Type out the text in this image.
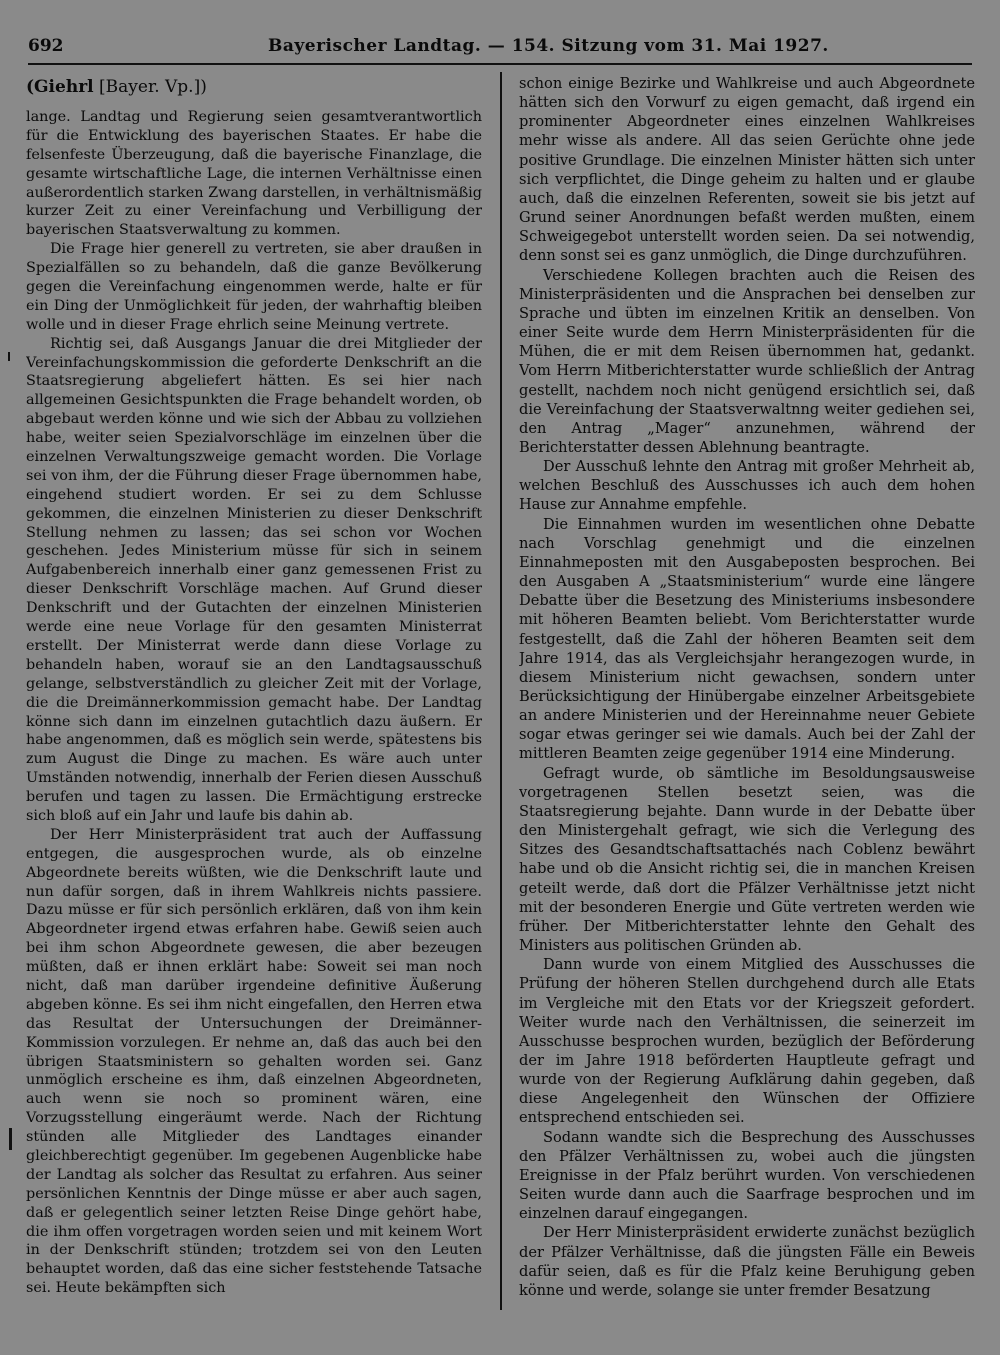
692	Bayerischer Landtag. — 154. Sitzung vom 31. Mai 1927.
(Giehrl [Bayer. Vp.])

lange. Landtag und Regierung seien gesamtverantwortlich für die Entwicklung des bayerischen Staates. Er habe die felsenfeste Überzeugung, daß die bayerische Finanzlage, die gesamte wirtschaftliche Lage, die internen Verhältnisse einen außerordentlich starken Zwang darstellen, in verhältnismäßig kurzer Zeit zu einer Vereinfachung und Verbilligung der bayerischen Staatsverwaltung zu kommen.

Die Frage hier generell zu vertreten, sie aber draußen in Spezialfällen so zu behandeln, daß die ganze Bevölkerung gegen die Vereinfachung eingenommen werde, halte er für ein Ding der Unmöglichkeit für jeden, der wahrhaftig bleiben wolle und in dieser Frage ehrlich seine Meinung vertrete.

Richtig sei, daß Ausgangs Januar die drei Mitglieder der Vereinfachungskommission die geforderte Denkschrift an die Staatsregierung abgeliefert hätten. Es sei hier nach allgemeinen Gesichtspunkten die Frage behandelt worden, ob abgebaut werden könne und wie sich der Abbau zu vollziehen habe, weiter seien Spezialvorschläge im einzelnen über die einzelnen Verwaltungszweige gemacht worden. Die Vorlage sei von ihm, der die Führung dieser Frage übernommen habe, eingehend studiert worden. Er sei zu dem Schlusse gekommen, die einzelnen Ministerien zu dieser Denkschrift Stellung nehmen zu lassen; das sei schon vor Wochen geschehen. Jedes Ministerium müsse für sich in seinem Aufgabenbereich innerhalb einer ganz gemessenen Frist zu dieser Denkschrift Vorschläge machen. Auf Grund dieser Denkschrift und der Gutachten der einzelnen Ministerien werde eine neue Vorlage für den gesamten Ministerrat erstellt. Der Ministerrat werde dann diese Vorlage zu behandeln haben, worauf sie an den Landtagsausschuß gelange, selbstverständlich zu gleicher Zeit mit der Vorlage, die die Dreimännerkommission gemacht habe. Der Landtag könne sich dann im einzelnen gutachtlich dazu äußern. Er habe angenommen, daß es möglich sein werde, spätestens bis zum August die Dinge zu machen. Es wäre auch unter Umständen notwendig, innerhalb der Ferien diesen Ausschuß berufen und tagen zu lassen. Die Ermächtigung erstrecke sich bloß auf ein Jahr und laufe bis dahin ab.

Der Herr Ministerpräsident trat auch der Auffassung entgegen, die ausgesprochen wurde, als ob einzelne Abgeordnete bereits wüßten, wie die Denkschrift laute und nun dafür sorgen, daß in ihrem Wahlkreis nichts passiere. Dazu müsse er für sich persönlich erklären, daß von ihm kein Abgeordneter irgend etwas erfahren habe. Gewiß seien auch bei ihm schon Abgeordnete gewesen, die aber bezeugen müßten, daß er ihnen erklärt habe: Soweit sei man noch nicht, daß man darüber irgendeine definitive Äußerung abgeben könne. Es sei ihm nicht eingefallen, den Herren etwa das Resultat der Untersuchungen der Dreimänner-Kommission vorzulegen. Er nehme an, daß das auch bei den übrigen Staatsministern so gehalten worden sei. Ganz unmöglich erscheine es ihm, daß einzelnen Abgeordneten, auch wenn sie noch so prominent wären, eine Vorzugsstellung eingeräumt werde. Nach der Richtung stünden alle Mitglieder des Landtages einander gleichberechtigt gegenüber. Im gegebenen Augenblicke habe der Landtag als solcher das Resultat zu erfahren. Aus seiner persönlichen Kenntnis der Dinge müsse er aber auch sagen, daß er gelegentlich seiner letzten Reise Dinge gehört habe, die ihm offen vorgetragen worden seien und mit keinem Wort in der Denkschrift stünden; trotzdem sei von den Leuten behauptet worden, daß das eine sicher feststehende Tatsache sei. Heute bekämpften sich

schon einige Bezirke und Wahlkreise und auch Abgeordnete hätten sich den Vorwurf zu eigen gemacht, daß irgend ein prominenter Abgeordneter eines einzelnen Wahlkreises mehr wisse als andere. All das seien Gerüchte ohne jede positive Grundlage. Die einzelnen Minister hätten sich unter sich verpflichtet, die Dinge geheim zu halten und er glaube auch, daß die einzelnen Referenten, soweit sie bis jetzt auf Grund seiner Anordnungen befaßt werden mußten, einem Schweigegebot unterstellt worden seien. Da sei notwendig, denn sonst sei es ganz unmöglich, die Dinge durchzuführen.

Verschiedene Kollegen brachten auch die Reisen des Ministerpräsidenten und die Ansprachen bei denselben zur Sprache und übten im einzelnen Kritik an denselben. Von einer Seite wurde dem Herrn Ministerpräsidenten für die Mühen, die er mit dem Reisen übernommen hat, gedankt. Vom Herrn Mitberichterstatter wurde schließlich der Antrag gestellt, nachdem noch nicht genügend ersichtlich sei, daß die Vereinfachung der Staatsverwaltnng weiter gediehen sei, den Antrag „Mager“ anzunehmen, während der Berichterstatter dessen Ablehnung beantragte.

Der Ausschuß lehnte den Antrag mit großer Mehrheit ab, welchen Beschluß des Ausschusses ich auch dem hohen Hause zur Annahme empfehle.

Die Einnahmen wurden im wesentlichen ohne Debatte nach Vorschlag genehmigt und die einzelnen Einnahmeposten mit den Ausgabeposten besprochen. Bei den Ausgaben A „Staatsministerium“ wurde eine längere Debatte über die Besetzung des Ministeriums insbesondere mit höheren Beamten beliebt. Vom Berichterstatter wurde festgestellt, daß die Zahl der höheren Beamten seit dem Jahre 1914, das als Vergleichsjahr herangezogen wurde, in diesem Ministerium nicht gewachsen, sondern unter Berücksichtigung der Hinübergabe einzelner Arbeitsgebiete an andere Ministerien und der Hereinnahme neuer Gebiete sogar etwas geringer sei wie damals. Auch bei der Zahl der mittleren Beamten zeige gegenüber 1914 eine Minderung.

Gefragt wurde, ob sämtliche im Besoldungsausweise vorgetragenen Stellen besetzt seien, was die Staatsregierung bejahte. Dann wurde in der Debatte über den Ministergehalt gefragt, wie sich die Verlegung des Sitzes des Gesandtschaftsattachés nach Coblenz bewährt habe und ob die Ansicht richtig sei, die in manchen Kreisen geteilt werde, daß dort die Pfälzer Verhältnisse jetzt nicht mit der besonderen Energie und Güte vertreten werden wie früher. Der Mitberichterstatter lehnte den Gehalt des Ministers aus politischen Gründen ab.

Dann wurde von einem Mitglied des Ausschusses die Prüfung der höheren Stellen durchgehend durch alle Etats im Vergleiche mit den Etats vor der Kriegszeit gefordert. Weiter wurde nach den Verhältnissen, die seinerzeit im Ausschusse besprochen wurden, bezüglich der Beförderung der im Jahre 1918 beförderten Hauptleute gefragt und wurde von der Regierung Aufklärung dahin gegeben, daß diese Angelegenheit den Wünschen der Offiziere entsprechend entschieden sei.

Sodann wandte sich die Besprechung des Ausschusses den Pfälzer Verhältnissen zu, wobei auch die jüngsten Ereignisse in der Pfalz berührt wurden. Von verschiedenen Seiten wurde dann auch die Saarfrage besprochen und im einzelnen darauf eingegangen.

Der Herr Ministerpräsident erwiderte zunächst bezüglich der Pfälzer Verhältnisse, daß die jüngsten Fälle ein Beweis dafür seien, daß es für die Pfalz keine Beruhigung geben könne und werde, solange sie unter fremder Besatzung
